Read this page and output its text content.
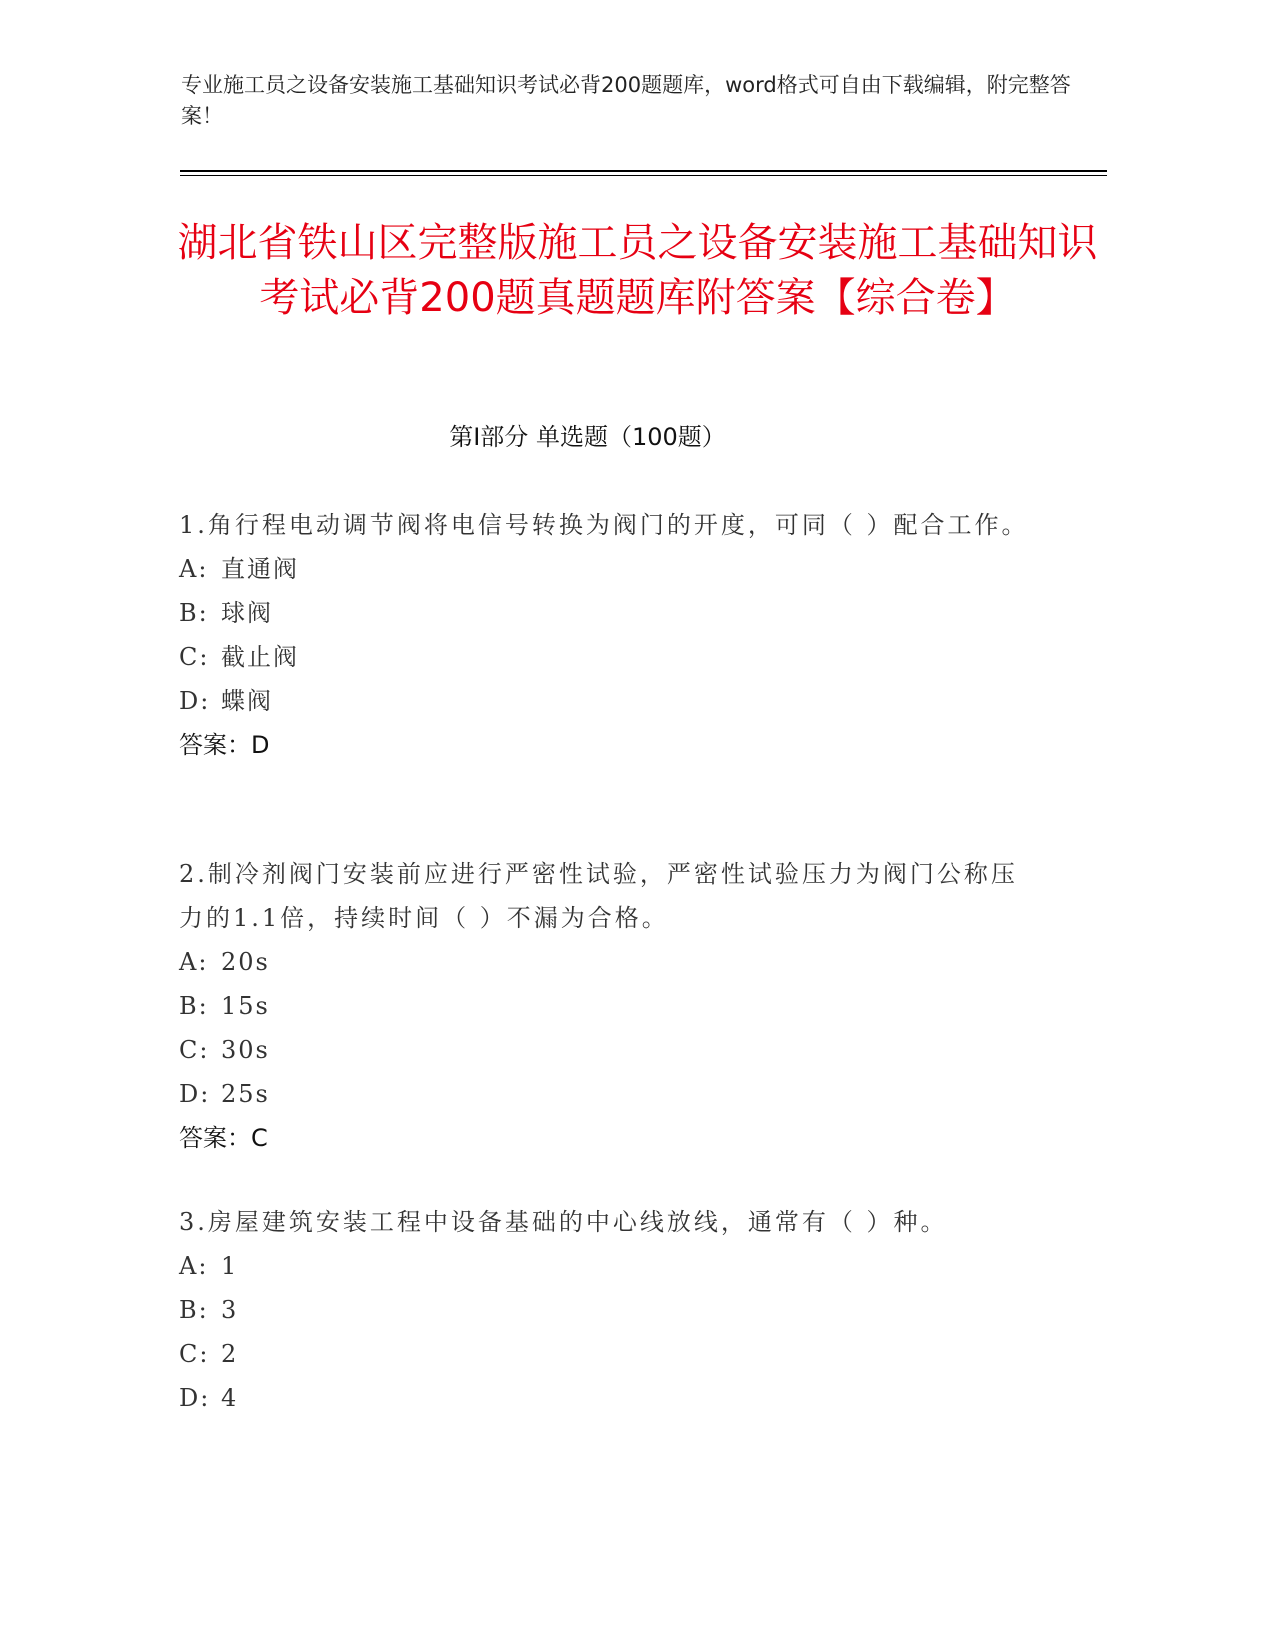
专业施工员之设备安装施工基础知识考试必背200题题库，word格式可自由下载编辑，附完整答案！

湖北省铁山区完整版施工员之设备安装施工基础知识考试必背200题真题题库附答案【综合卷】
第I部分 单选题（100题）

1.角行程电动调节阀将电信号转换为阀门的开度，可同（ ）配合工作。

A: 直通阀

B: 球阀

C: 截止阀

D: 蝶阀

答案：D

2.制冷剂阀门安装前应进行严密性试验，严密性试验压力为阀门公称压力的1.1倍，持续时间（ ）不漏为合格。

A: 20s

B: 15s

C: 30s

D: 25s

答案：C

3.房屋建筑安装工程中设备基础的中心线放线，通常有（ ）种。

A: 1

B: 3

C: 2

D: 4
